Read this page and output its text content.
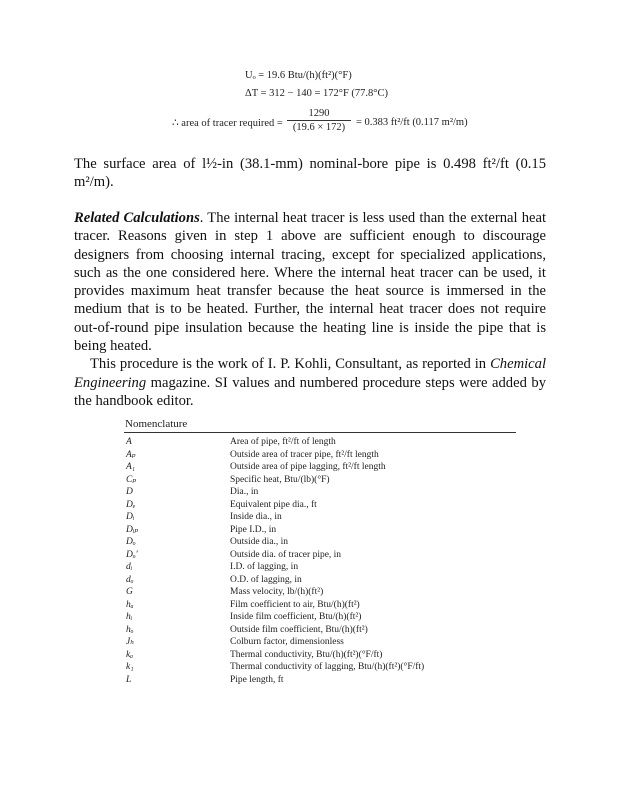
Uₒ = 19.6 Btu/(h)(ft²)(°F)
ΔT = 312 − 140 = 172°F (77.8°C)
∴ area of tracer required =
1290
(19.6 × 172)	= 0.383 ft²/ft (0.117 m²/m)

The surface area of l½-in (38.1-mm) nominal-bore pipe is 0.498 ft²/ft (0.15 m²/m).

Related Calculations. The internal heat tracer is less used than the external heat tracer. Reasons given in step 1 above are sufficient enough to discourage designers from choosing internal tracing, except for specialized applications, such as the one considered here. Where the internal heat tracer can be used, it provides maximum heat transfer because the heat source is immersed in the medium that is to be heated. Further, the internal heat tracer does not require out-of-round pipe insulation because the heating line is inside the pipe that is being heated.

This procedure is the work of I. P. Kohli, Consultant, as reported in Chemical Engineering magazine. SI values and numbered procedure steps were added by the handbook editor.

Nomenclature
A	Area of pipe, ft²/ft of length
Aₚ	Outside area of tracer pipe, ft²/ft length
A₁	Outside area of pipe lagging, ft²/ft length
Cₚ	Specific heat, Btu/(lb)(°F)
D	Dia., in
Dₑ	Equivalent pipe dia., ft
Dᵢ	Inside dia., in
Dᵢₚ	Pipe I.D., in
Dₒ	Outside dia., in
Dₒ′	Outside dia. of tracer pipe, in
dᵢ	I.D. of lagging, in
dₒ	O.D. of lagging, in
G	Mass velocity, lb/(h)(ft²)
hₐ	Film coefficient to air, Btu/(h)(ft²)
hᵢ	Inside film coefficient, Btu/(h)(ft²)
hₒ	Outside film coefficient, Btu/(h)(ft²)
Jₕ	Colburn factor, dimensionless
kₐ	Thermal conductivity, Btu/(h)(ft²)(°F/ft)
k₁	Thermal conductivity of lagging, Btu/(h)(ft²)(°F/ft)
L	Pipe length, ft
